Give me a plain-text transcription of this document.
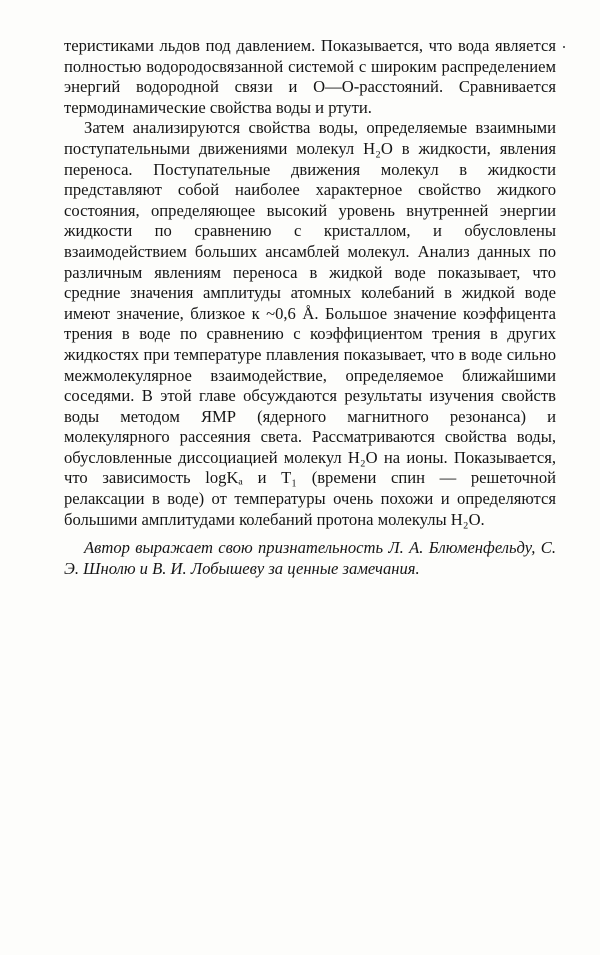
теристиками льдов под давлением. Показывается, что вода является полностью водородосвязанной системой с широким распределением энергий водородной связи и O—O-расстояний. Сравнивается термодинамические свойства воды и ртути.

Затем анализируются свойства воды, определяемые взаимными поступательными движениями молекул H₂O в жидкости, явления переноса. Поступательные движения молекул в жидкости представляют собой наиболее характерное свойство жидкого состояния, определяющее высокий уровень внутренней энергии жидкости по сравнению с кристаллом, и обусловлены взаимодействием больших ансамблей молекул. Анализ данных по различным явлениям переноса в жидкой воде показывает, что средние значения амплитуды атомных колебаний в жидкой воде имеют значение, близкое к ~0,6 Å. Большое значение коэффицента трения в воде по сравнению с коэффициентом трения в других жидкостях при температуре плавления показывает, что в воде сильно межмолекулярное взаимодействие, определяемое ближайшими соседями. В этой главе обсуждаются результаты изучения свойств воды методом ЯМР (ядерного магнитного резонанса) и молекулярного рассеяния света. Рассматриваются свойства воды, обусловленные диссоциацией молекул H₂O на ионы. Показывается, что зависимость logKₐ и T₁ (времени спин — решеточной релаксации в воде) от температуры очень похожи и определяются большими амплитудами колебаний протона молекулы H₂O.

Автор выражает свою признательность Л. А. Блюменфельду, С. Э. Шнолю и В. И. Лобышеву за ценные замечания.
